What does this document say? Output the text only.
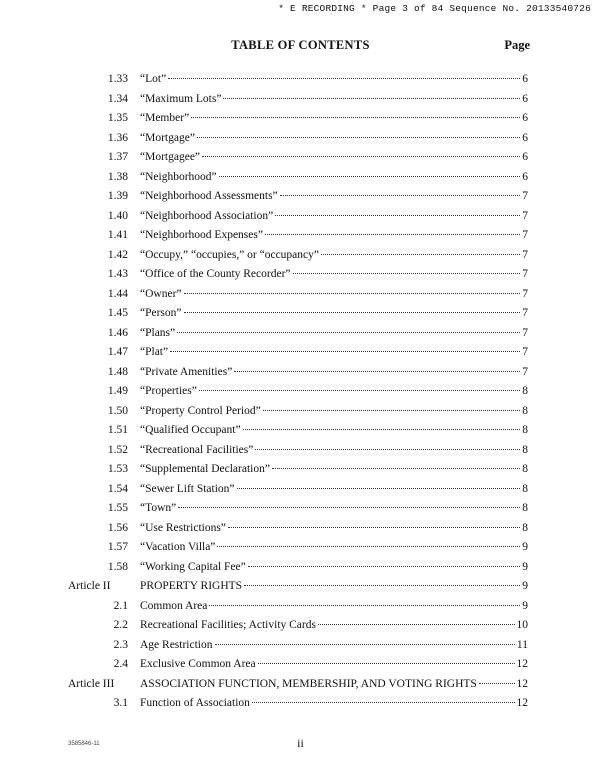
* E RECORDING * Page 3 of 84 Sequence No. 20133540726
TABLE OF CONTENTS	Page
1.33 “Lot”	6
1.34 “Maximum Lots”	6
1.35 “Member”	6
1.36 “Mortgage”	6
1.37 “Mortgagee”	6
1.38 “Neighborhood”	6
1.39 “Neighborhood Assessments”	7
1.40 “Neighborhood Association”	7
1.41 “Neighborhood Expenses”	7
1.42 “Occupy,” “occupies,” or “occupancy”	7
1.43 “Office of the County Recorder”	7
1.44 “Owner”	7
1.45 “Person”	7
1.46 “Plans”	7
1.47 “Plat”	7
1.48 “Private Amenities”	7
1.49 “Properties”	8
1.50 “Property Control Period”	8
1.51 “Qualified Occupant”	8
1.52 “Recreational Facilities”	8
1.53 “Supplemental Declaration”	8
1.54 “Sewer Lift Station”	8
1.55 “Town”	8
1.56 “Use Restrictions”	8
1.57 “Vacation Villa”	9
1.58 “Working Capital Fee”	9
Article II	PROPERTY RIGHTS	9
2.1 Common Area	9
2.2 Recreational Facilities; Activity Cards	10
2.3 Age Restriction	11
2.4 Exclusive Common Area	12
Article III ASSOCIATION FUNCTION, MEMBERSHIP, AND VOTING RIGHTS	12
3.1 Function of Association	12
3585846-11	ii
